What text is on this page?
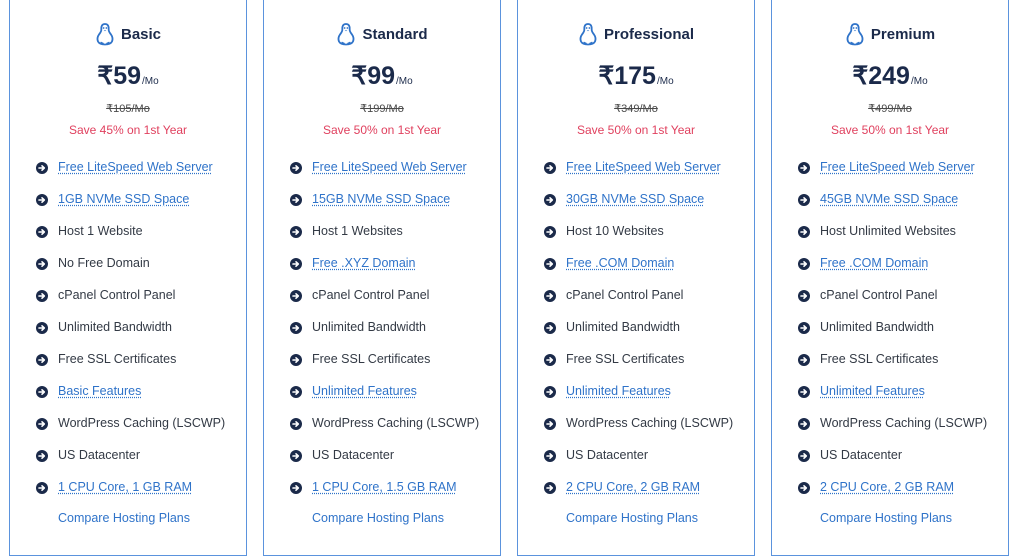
Basic
₹59 /Mo
₹105/Mo
Save 45% on 1st Year
Free LiteSpeed Web Server
1GB NVMe SSD Space
Host 1 Website
No Free Domain
cPanel Control Panel
Unlimited Bandwidth
Free SSL Certificates
Basic Features
WordPress Caching (LSCWP)
US Datacenter
1 CPU Core, 1 GB RAM
Compare Hosting Plans
Standard
₹99 /Mo
₹199/Mo
Save 50% on 1st Year
Free LiteSpeed Web Server
15GB NVMe SSD Space
Host 1 Websites
Free .XYZ Domain
cPanel Control Panel
Unlimited Bandwidth
Free SSL Certificates
Unlimited Features
WordPress Caching (LSCWP)
US Datacenter
1 CPU Core, 1.5 GB RAM
Compare Hosting Plans
Professional
₹175 /Mo
₹349/Mo
Save 50% on 1st Year
Free LiteSpeed Web Server
30GB NVMe SSD Space
Host 10 Websites
Free .COM Domain
cPanel Control Panel
Unlimited Bandwidth
Free SSL Certificates
Unlimited Features
WordPress Caching (LSCWP)
US Datacenter
2 CPU Core, 2 GB RAM
Compare Hosting Plans
Premium
₹249 /Mo
₹499/Mo
Save 50% on 1st Year
Free LiteSpeed Web Server
45GB NVMe SSD Space
Host Unlimited Websites
Free .COM Domain
cPanel Control Panel
Unlimited Bandwidth
Free SSL Certificates
Unlimited Features
WordPress Caching (LSCWP)
US Datacenter
2 CPU Core, 2 GB RAM
Compare Hosting Plans
